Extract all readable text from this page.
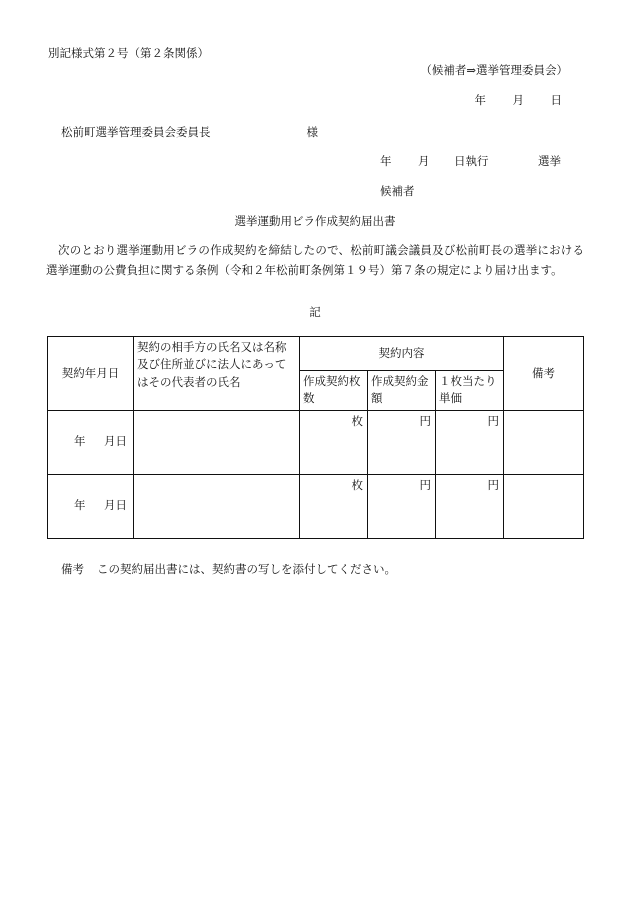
別記様式第２号（第２条関係）
（候補者⇒選挙管理委員会）
年 月 日
松前町選挙管理委員会委員長	様
年 月 日執行	選挙
候補者
選挙運動用ビラ作成契約届出書
次のとおり選挙運動用ビラの作成契約を締結したので、松前町議会議員及び松前町長の選挙における選挙運動の公費負担に関する条例（令和２年松前町条例第１９号）第７条の規定により届け出ます。
記
契約年月日	契約の相手方の氏名又は名称及び住所並びに法人にあってはその代表者の氏名	契約内容			備考
		作成契約枚数	作成契約金額	１枚当たり単価	
年 月日		枚	円	円	
年 月日		枚	円	円	
備考 この契約届出書には、契約書の写しを添付してください。
